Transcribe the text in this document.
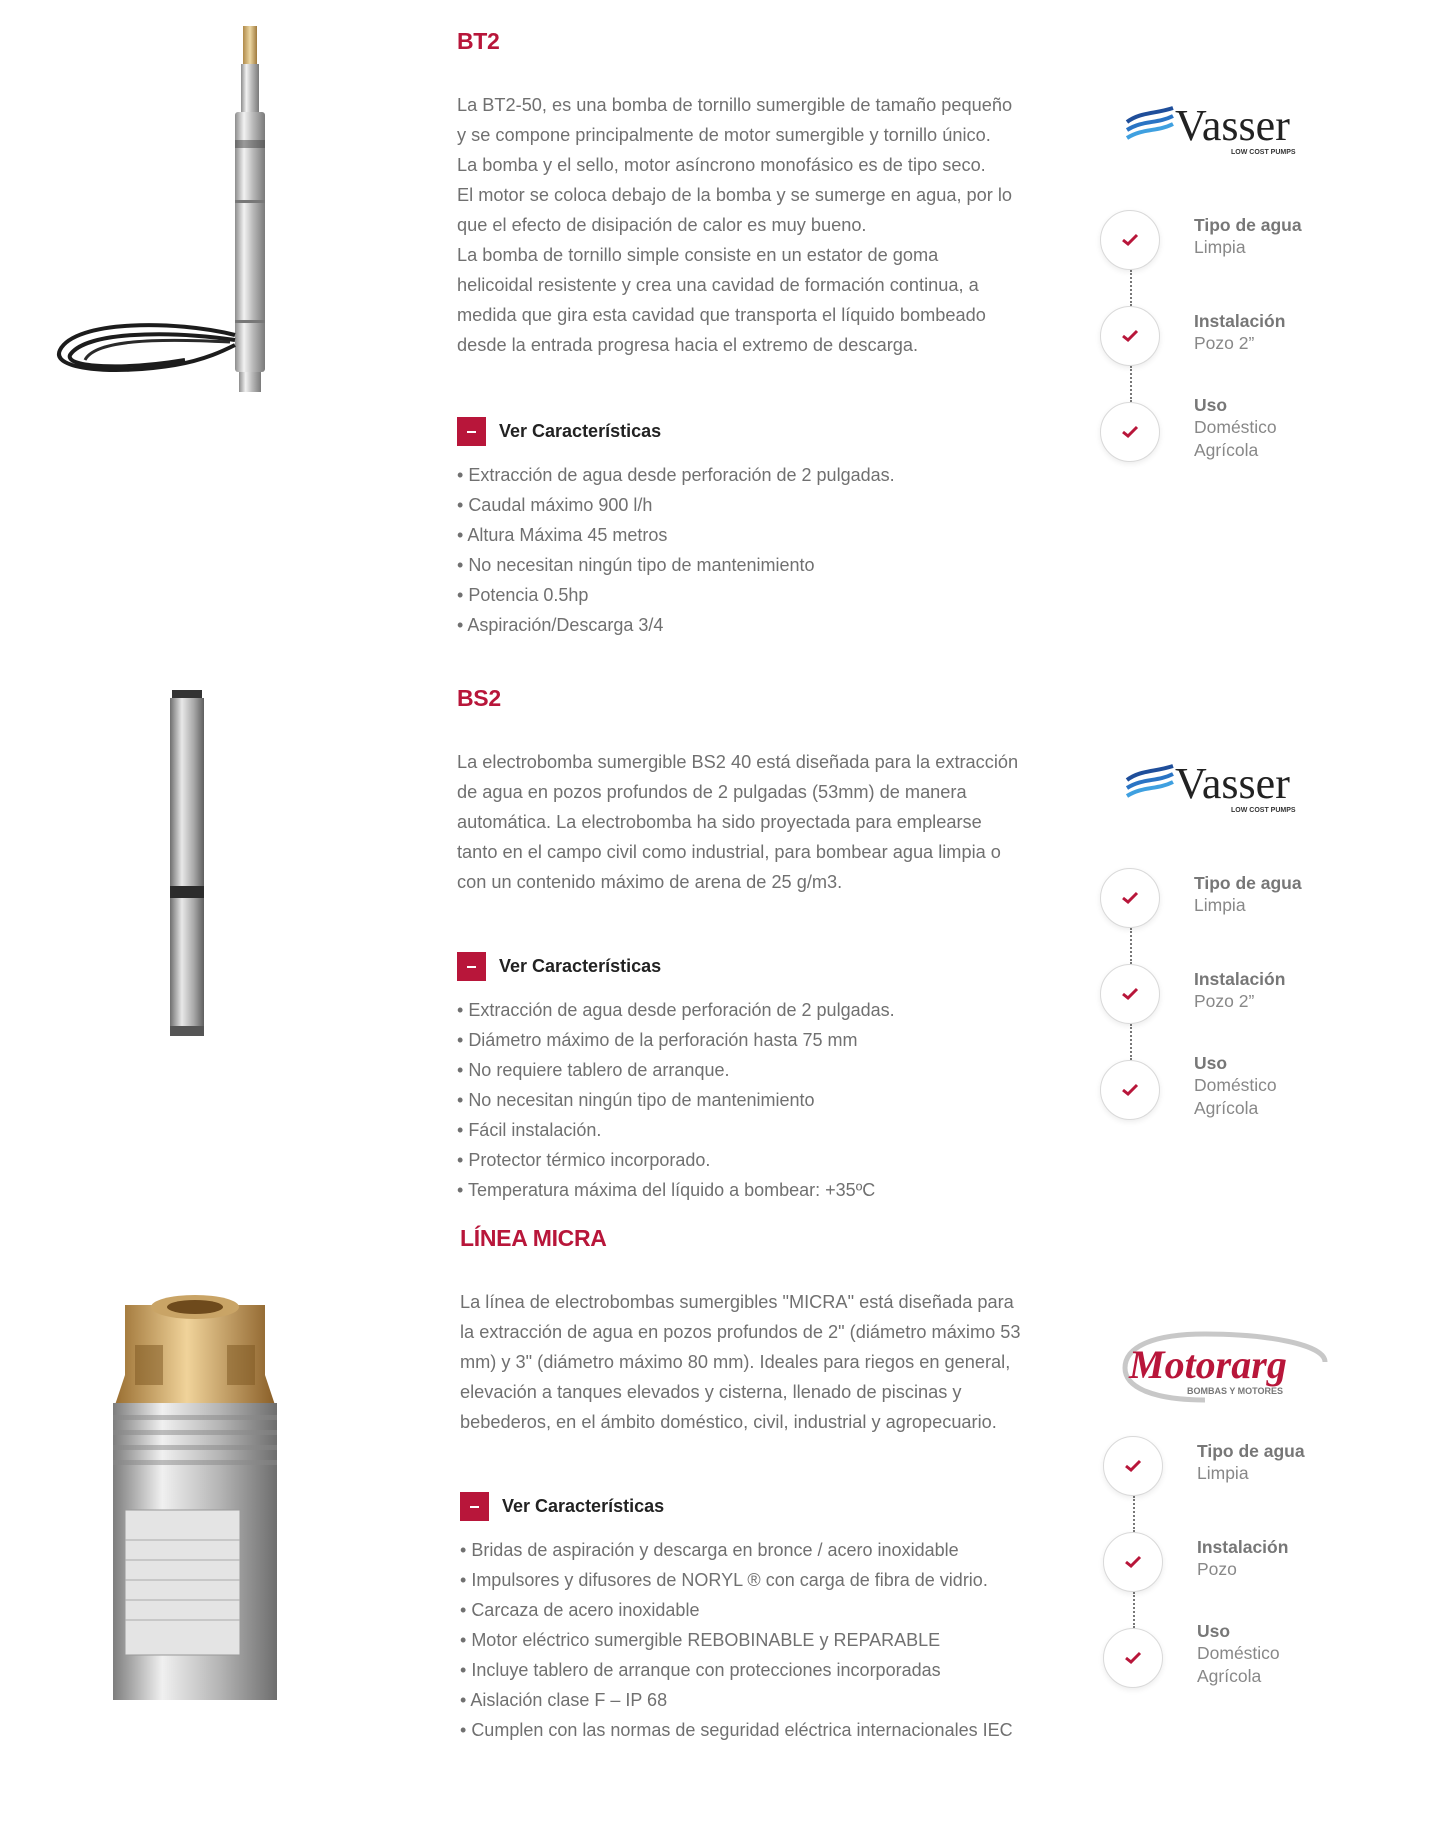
BT2

La BT2-50, es una bomba de tornillo sumergible de tamaño pequeño

y se compone principalmente de motor sumergible y tornillo único.

La bomba y el sello, motor asíncrono monofásico es de tipo seco.

El motor se coloca debajo de la bomba y se sumerge en agua, por lo

que el efecto de disipación de calor es muy bueno.

La bomba de tornillo simple consiste en un estator de goma

helicoidal resistente y crea una cavidad de formación continua, a

medida que gira esta cavidad que transporta el líquido bombeado

desde la entrada progresa hacia el extremo de descarga.

Ver Características
• Extracción de agua desde perforación de 2 pulgadas.
• Caudal máximo 900 l/h
• Altura Máxima 45 metros
• No necesitan ningún tipo de mantenimiento
• Potencia 0.5hp
• Aspiración/Descarga 3/4
Vasser
LOW COST PUMPS
Tipo de agua
Limpia
Instalación
Pozo 2”
Uso
Doméstico
Agrícola
BS2

La electrobomba sumergible BS2 40 está diseñada para la extracción

de agua en pozos profundos de 2 pulgadas (53mm) de manera

automática. La electrobomba ha sido proyectada para emplearse

tanto en el campo civil como industrial, para bombear agua limpia o

con un contenido máximo de arena de 25 g/m3.

Ver Características
• Extracción de agua desde perforación de 2 pulgadas.
• Diámetro máximo de la perforación hasta 75 mm
• No requiere tablero de arranque.
• No necesitan ningún tipo de mantenimiento
• Fácil instalación.
• Protector térmico incorporado.
• Temperatura máxima del líquido a bombear: +35ºC
Vasser
LOW COST PUMPS
Tipo de agua
Limpia
Instalación
Pozo 2”
Uso
Doméstico
Agrícola
LÍNEA MICRA

La línea de electrobombas sumergibles "MICRA" está diseñada para

la extracción de agua en pozos profundos de 2" (diámetro máximo 53

mm) y 3" (diámetro máximo 80 mm). Ideales para riegos en general,

elevación a tanques elevados y cisterna, llenado de piscinas y

bebederos, en el ámbito doméstico, civil, industrial y agropecuario.

Ver Características
• Bridas de aspiración y descarga en bronce / acero inoxidable
• Impulsores y difusores de NORYL ® con carga de fibra de vidrio.
• Carcaza de acero inoxidable
• Motor eléctrico sumergible REBOBINABLE y REPARABLE
• Incluye tablero de arranque con protecciones incorporadas
• Aislación clase F – IP 68
• Cumplen con las normas de seguridad eléctrica internacionales IEC
Motorarg
BOMBAS Y MOTORES
Tipo de agua
Limpia
Instalación
Pozo
Uso
Doméstico
Agrícola
